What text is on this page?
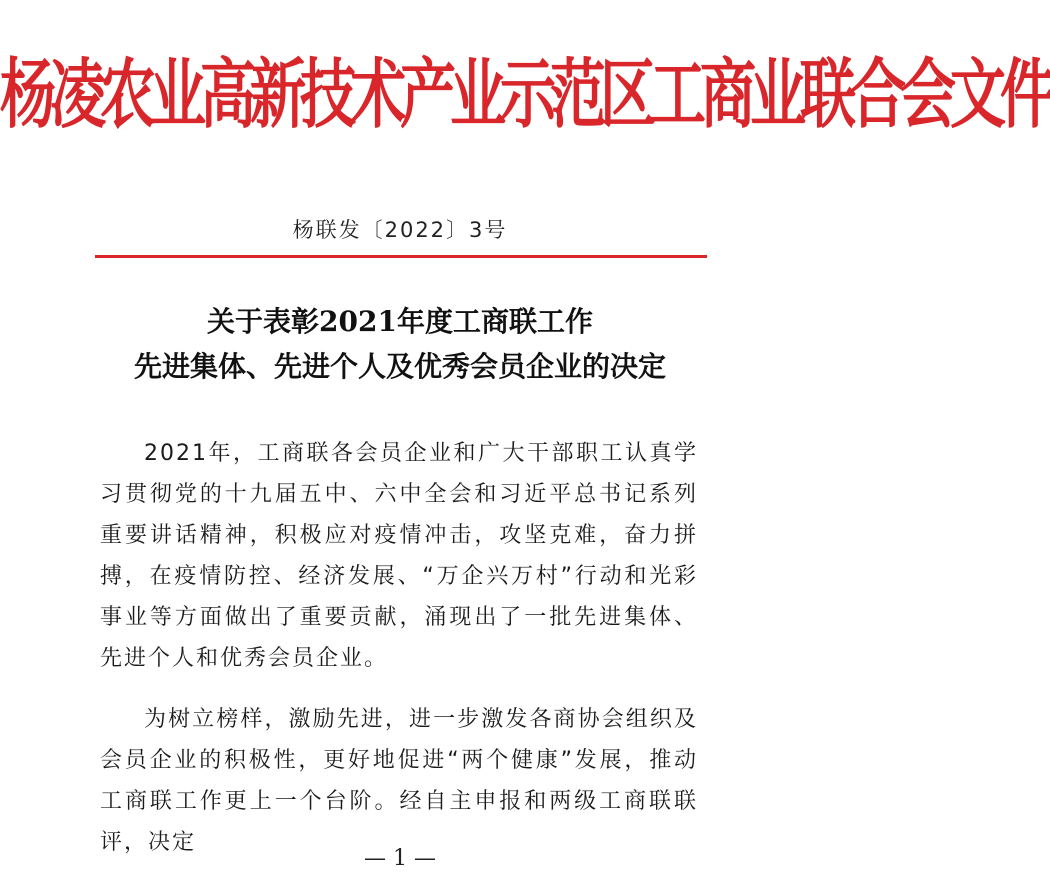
杨凌农业高新技术产业示范区工商业联合会文件
杨联发〔2022〕3号
关于表彰2021年度工商联工作
先进集体、先进个人及优秀会员企业的决定

2021年，工商联各会员企业和广大干部职工认真学习贯彻党的十九届五中、六中全会和习近平总书记系列重要讲话精神，积极应对疫情冲击，攻坚克难，奋力拼搏，在疫情防控、经济发展、“万企兴万村”行动和光彩事业等方面做出了重要贡献，涌现出了一批先进集体、先进个人和优秀会员企业。

为树立榜样，激励先进，进一步激发各商协会组织及会员企业的积极性，更好地促进“两个健康”发展，推动工商联工作更上一个台阶。经自主申报和两级工商联联评，决定

— 1 —
